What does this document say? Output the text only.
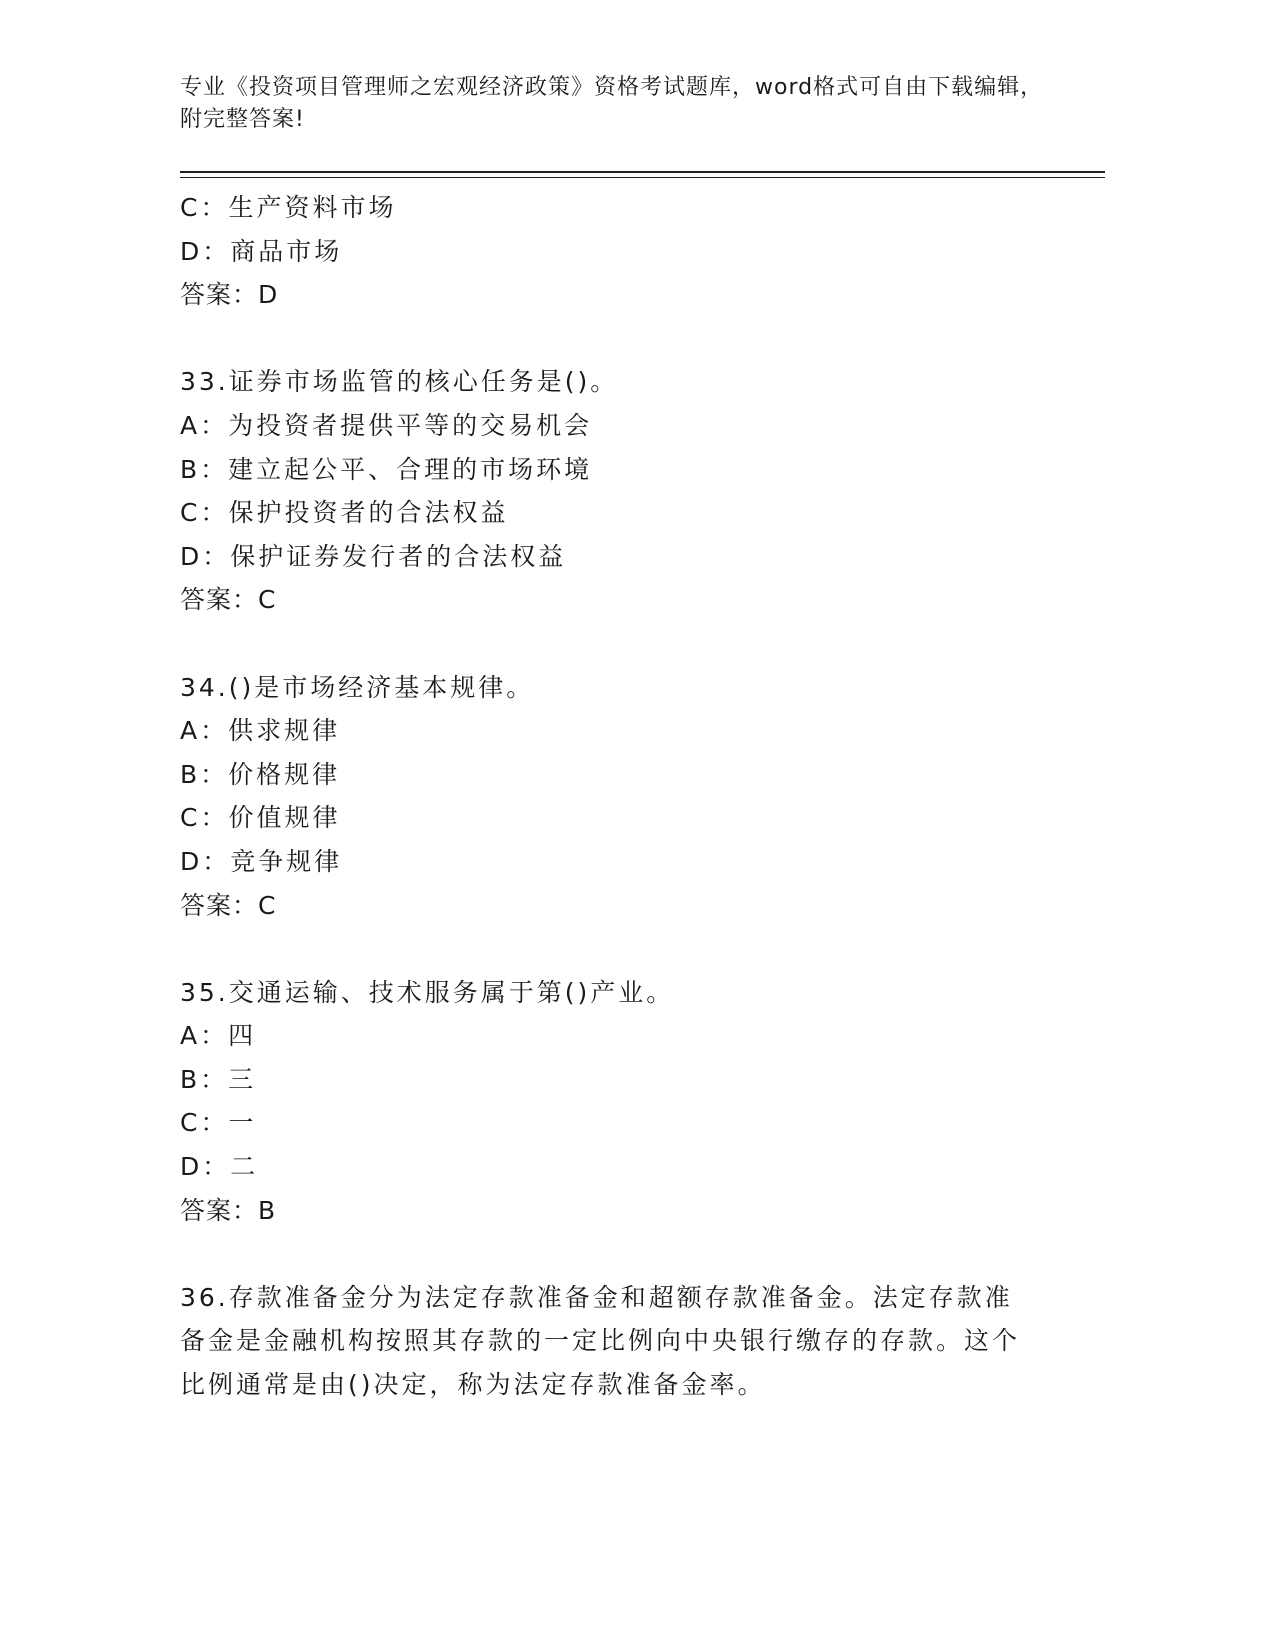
专业《投资项目管理师之宏观经济政策》资格考试题库，word格式可自由下载编辑，附完整答案!
C：生产资料市场
D：商品市场
答案：D
33.证券市场监管的核心任务是()。
A：为投资者提供平等的交易机会
B：建立起公平、合理的市场环境
C：保护投资者的合法权益
D：保护证券发行者的合法权益
答案：C
34.()是市场经济基本规律。
A：供求规律
B：价格规律
C：价值规律
D：竞争规律
答案：C
35.交通运输、技术服务属于第()产业。
A：四
B：三
C：一
D：二
答案：B
36.存款准备金分为法定存款准备金和超额存款准备金。法定存款准备金是金融机构按照其存款的一定比例向中央银行缴存的存款。这个比例通常是由()决定，称为法定存款准备金率。
